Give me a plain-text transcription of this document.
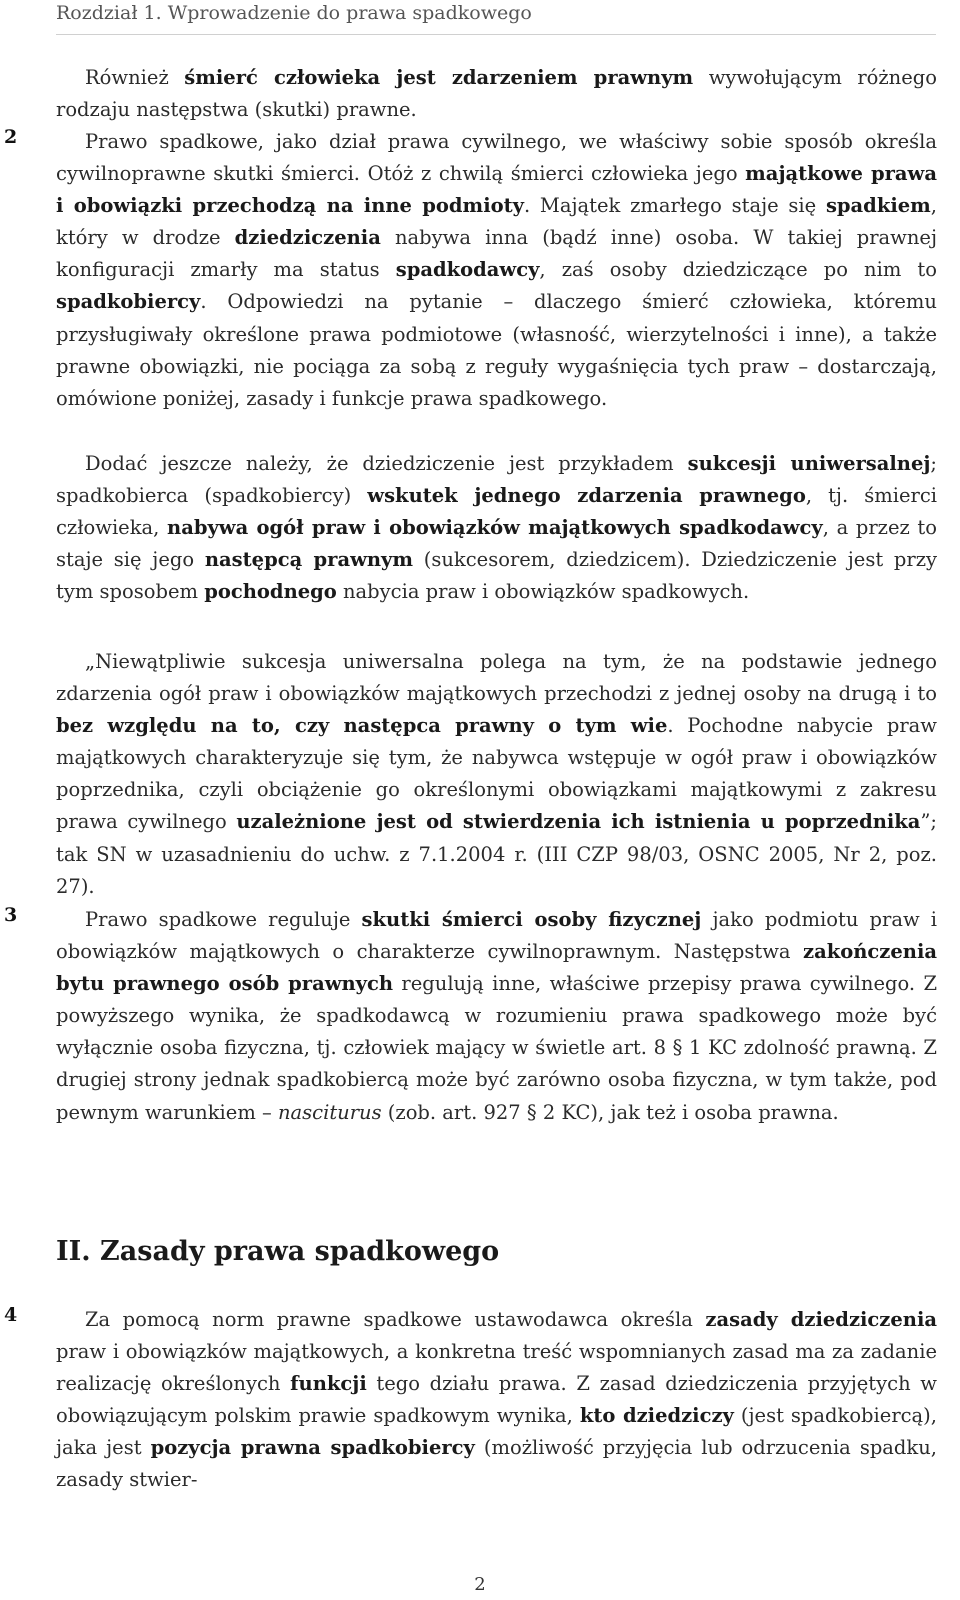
Rozdział 1. Wprowadzenie do prawa spadkowego

Również śmierć człowieka jest zdarzeniem prawnym wywołującym różnego rodzaju następstwa (skutki) prawne.

2	Prawo spadkowe, jako dział prawa cywilnego, we właściwy sobie sposób określa cywilnoprawne skutki śmierci. Otóż z chwilą śmierci człowieka jego majątkowe prawa i obowiązki przechodzą na inne podmioty. Majątek zmarłego staje się spadkiem, który w drodze dziedziczenia nabywa inna (bądź inne) osoba. W takiej prawnej konfiguracji zmarły ma status spadkodawcy, zaś osoby dziedziczące po nim to spadkobiercy. Odpowiedzi na pytanie – dlaczego śmierć człowieka, któremu przysługiwały określone prawa podmiotowe (własność, wierzytelności i inne), a także prawne obowiązki, nie pociąga za sobą z reguły wygaśnięcia tych praw – dostarczają, omówione poniżej, zasady i funkcje prawa spadkowego.

Dodać jeszcze należy, że dziedziczenie jest przykładem sukcesji uniwersalnej; spadkobierca (spadkobiercy) wskutek jednego zdarzenia prawnego, tj. śmierci człowieka, nabywa ogół praw i obowiązków majątkowych spadkodawcy, a przez to staje się jego następcą prawnym (sukcesorem, dziedzicem). Dziedziczenie jest przy tym sposobem pochodnego nabycia praw i obowiązków spadkowych.

„Niewątpliwie sukcesja uniwersalna polega na tym, że na podstawie jednego zdarzenia ogół praw i obowiązków majątkowych przechodzi z jednej osoby na drugą i to bez względu na to, czy następca prawny o tym wie. Pochodne nabycie praw majątkowych charakteryzuje się tym, że nabywca wstępuje w ogół praw i obowiązków poprzednika, czyli obciążenie go określonymi obowiązkami majątkowymi z zakresu prawa cywilnego uzależnione jest od stwierdzenia ich istnienia u poprzednika”; tak SN w uzasadnieniu do uchw. z 7.1.2004 r. (III CZP 98/03, OSNC 2005, Nr 2, poz. 27).

3	Prawo spadkowe reguluje skutki śmierci osoby fizycznej jako podmiotu praw i obowiązków majątkowych o charakterze cywilnoprawnym. Następstwa zakończenia bytu prawnego osób prawnych regulują inne, właściwe przepisy prawa cywilnego. Z powyższego wynika, że spadkodawcą w rozumieniu prawa spadkowego może być wyłącznie osoba fizyczna, tj. człowiek mający w świetle art. 8 § 1 KC zdolność prawną. Z drugiej strony jednak spadkobiercą może być zarówno osoba fizyczna, w tym także, pod pewnym warunkiem – nasciturus (zob. art. 927 § 2 KC), jak też i osoba prawna.

II. Zasady prawa spadkowego
4	Za pomocą norm prawne spadkowe ustawodawca określa zasady dziedziczenia praw i obowiązków majątkowych, a konkretna treść wspomnianych zasad ma za zadanie realizację określonych funkcji tego działu prawa. Z zasad dziedziczenia przyjętych w obowiązującym polskim prawie spadkowym wynika, kto dziedziczy (jest spadkobiercą), jaka jest pozycja prawna spadkobiercy (możliwość przyjęcia lub odrzucenia spadku, zasady stwier-

2
